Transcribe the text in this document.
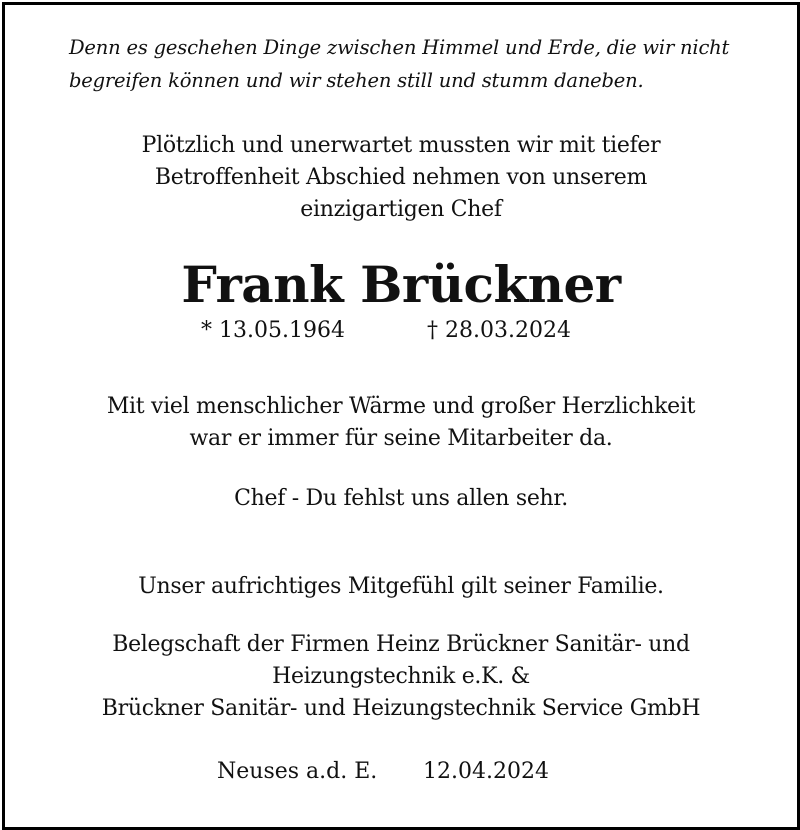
Denn es geschehen Dinge zwischen Himmel und Erde, die wir nicht
begreifen können und wir stehen still und stumm daneben.
Plötzlich und unerwartet mussten wir mit tiefer
Betroffenheit Abschied nehmen von unserem
einzigartigen Chef
Frank Brückner
* 13.05.1964	† 28.03.2024
Mit viel menschlicher Wärme und großer Herzlichkeit
war er immer für seine Mitarbeiter da.
Chef - Du fehlst uns allen sehr.
Unser aufrichtiges Mitgefühl gilt seiner Familie.
Belegschaft der Firmen Heinz Brückner Sanitär- und
Heizungstechnik e.K. &
Brückner Sanitär- und Heizungstechnik Service GmbH
Neuses a.d. E. 12.04.2024
